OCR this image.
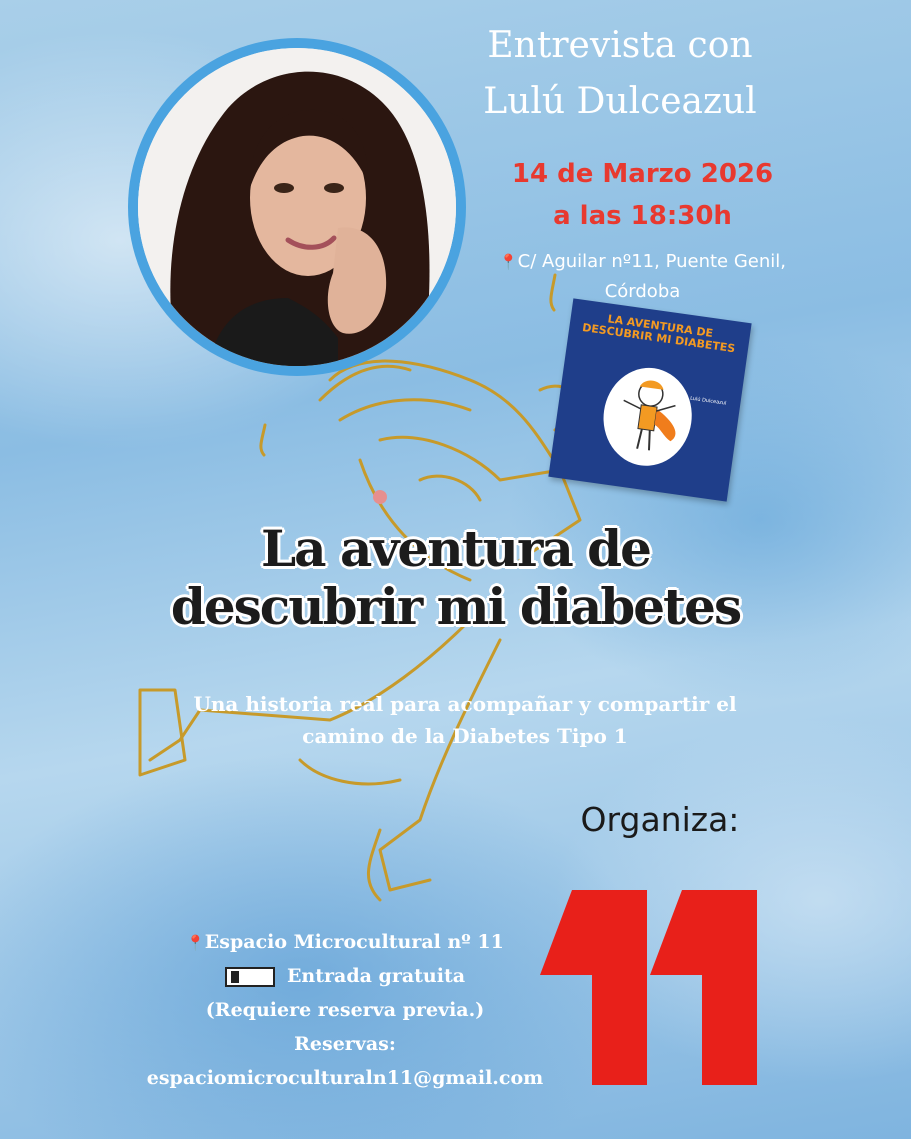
Entrevista con
Lulú Dulceazul
14 de Marzo 2026
a las 18:30h
📍C/ Aguilar nº11, Puente Genil,
Córdoba
LA AVENTURA DE DESCUBRIR MI DIABETES
Lulú Dulceazul
La aventura de
descubrir mi diabetes
Una historia real para acompañar y compartir el
camino de la Diabetes Tipo 1
Organiza:
📍Espacio Microcultural nº 11
Entrada gratuita
(Requiere reserva previa.)
Reservas:
espaciomicroculturaln11@gmail.com
